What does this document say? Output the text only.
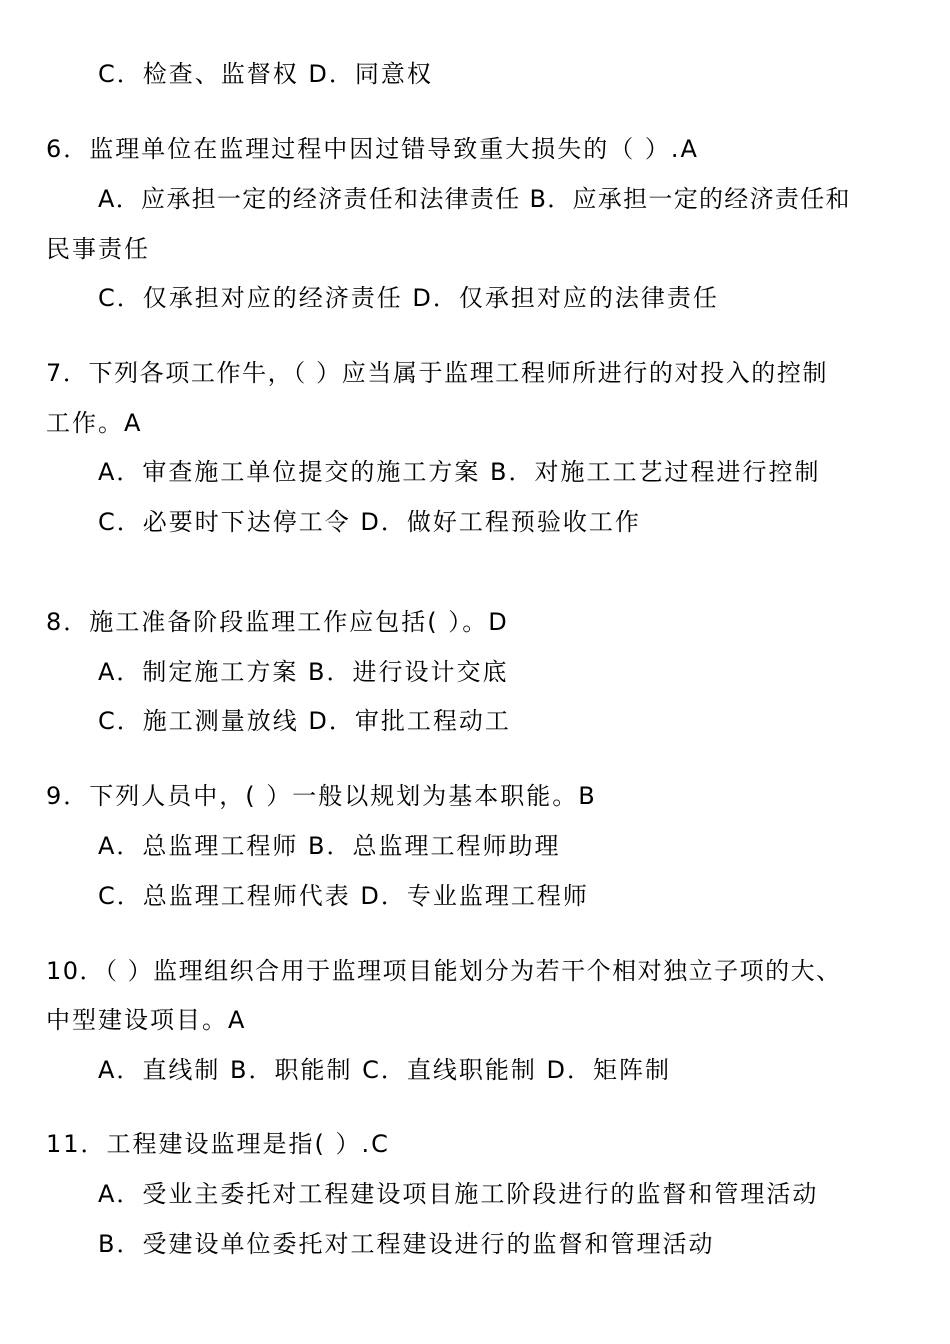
C．检查、监督权 D．同意权
6．监理单位在监理过程中因过错导致重大损失的（ ）.A
A．应承担一定的经济责任和法律责任 B．应承担一定的经济责任和
民事责任
C．仅承担对应的经济责任 D．仅承担对应的法律责任
7．下列各项工作牛，（ ）应当属于监理工程师所进行的对投入的控制
工作。A
A．审查施工单位提交的施工方案 B．对施工工艺过程进行控制
C．必要时下达停工令 D．做好工程预验收工作
8．施工准备阶段监理工作应包括( ）。D
A．制定施工方案 B．进行设计交底
C．施工测量放线 D．审批工程动工
9．下列人员中，( ）一般以规划为基本职能。B
A．总监理工程师 B．总监理工程师助理
C．总监理工程师代表 D．专业监理工程师
10．（ ）监理组织合用于监理项目能划分为若干个相对独立子项的大、
中型建设项目。A
A．直线制 B．职能制 C．直线职能制 D．矩阵制
11．工程建设监理是指( ）.C
A．受业主委托对工程建设项目施工阶段进行的监督和管理活动
B．受建设单位委托对工程建设进行的监督和管理活动
